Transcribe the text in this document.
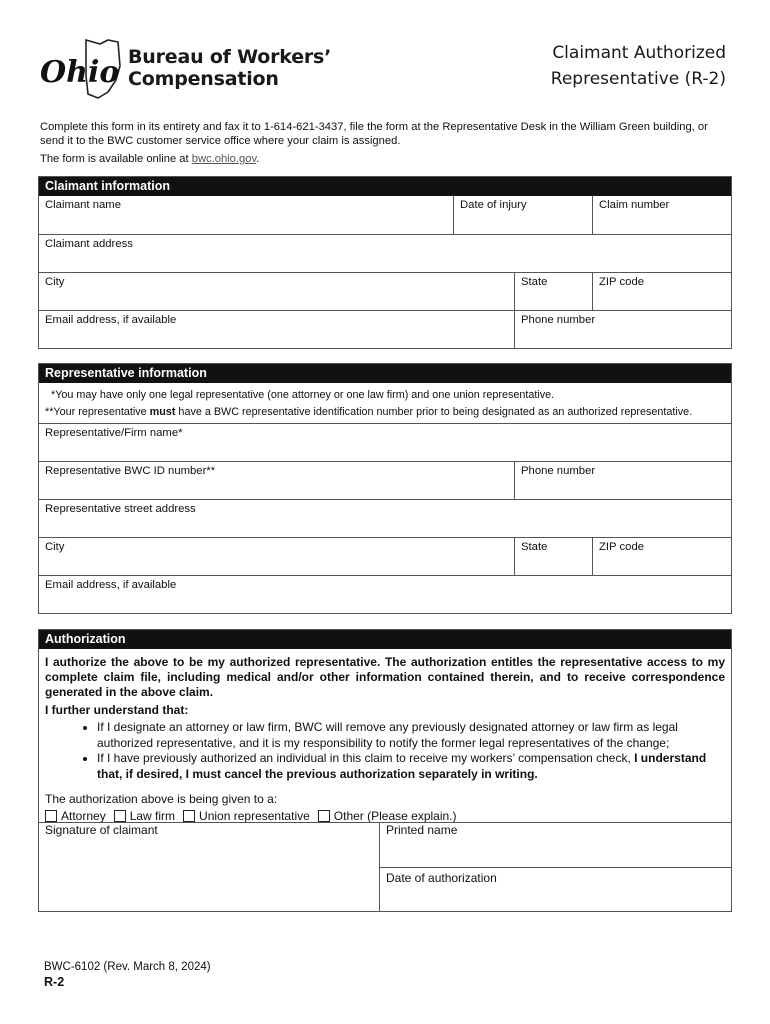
Ohio Bureau of Workers’
Compensation
Claimant Authorized
Representative (R-2)

Complete this form in its entirety and fax it to 1-614-621-3437, file the form at the Representative Desk in the William Green building, or send it to the BWC customer service office where your claim is assigned.

The form is available online at bwc.ohio.gov.

Claimant information
Claimant name	Date of injury	Claim number
Claimant address
City	State	ZIP code
Email address, if available	Phone number
Representative information
*You may have only one legal representative (one attorney or one law firm) and one union representative.
**Your representative must have a BWC representative identification number prior to being designated as an authorized representative.
Representative/Firm name*
Representative BWC ID number**	Phone number
Representative street address
City	State	ZIP code
Email address, if available
Authorization

I authorize the above to be my authorized representative. The authorization entitles the representative access to my complete claim file, including medical and/or other information contained therein, and to receive correspondence generated in the above claim.

I further understand that:

• If I designate an attorney or law firm, BWC will remove any previously designated attorney or law firm as legal authorized representative, and it is my responsibility to notify the former legal representatives of the change;
• If I have previously authorized an individual in this claim to receive my workers’ compensation check, I understand that, if desired, I must cancel the previous authorization separately in writing.

The authorization above is being given to a:

Attorney Law firm Union representative Other (Please explain.)
Signature of claimant	Printed name
Date of authorization
BWC-6102 (Rev. March 8, 2024)
R-2
